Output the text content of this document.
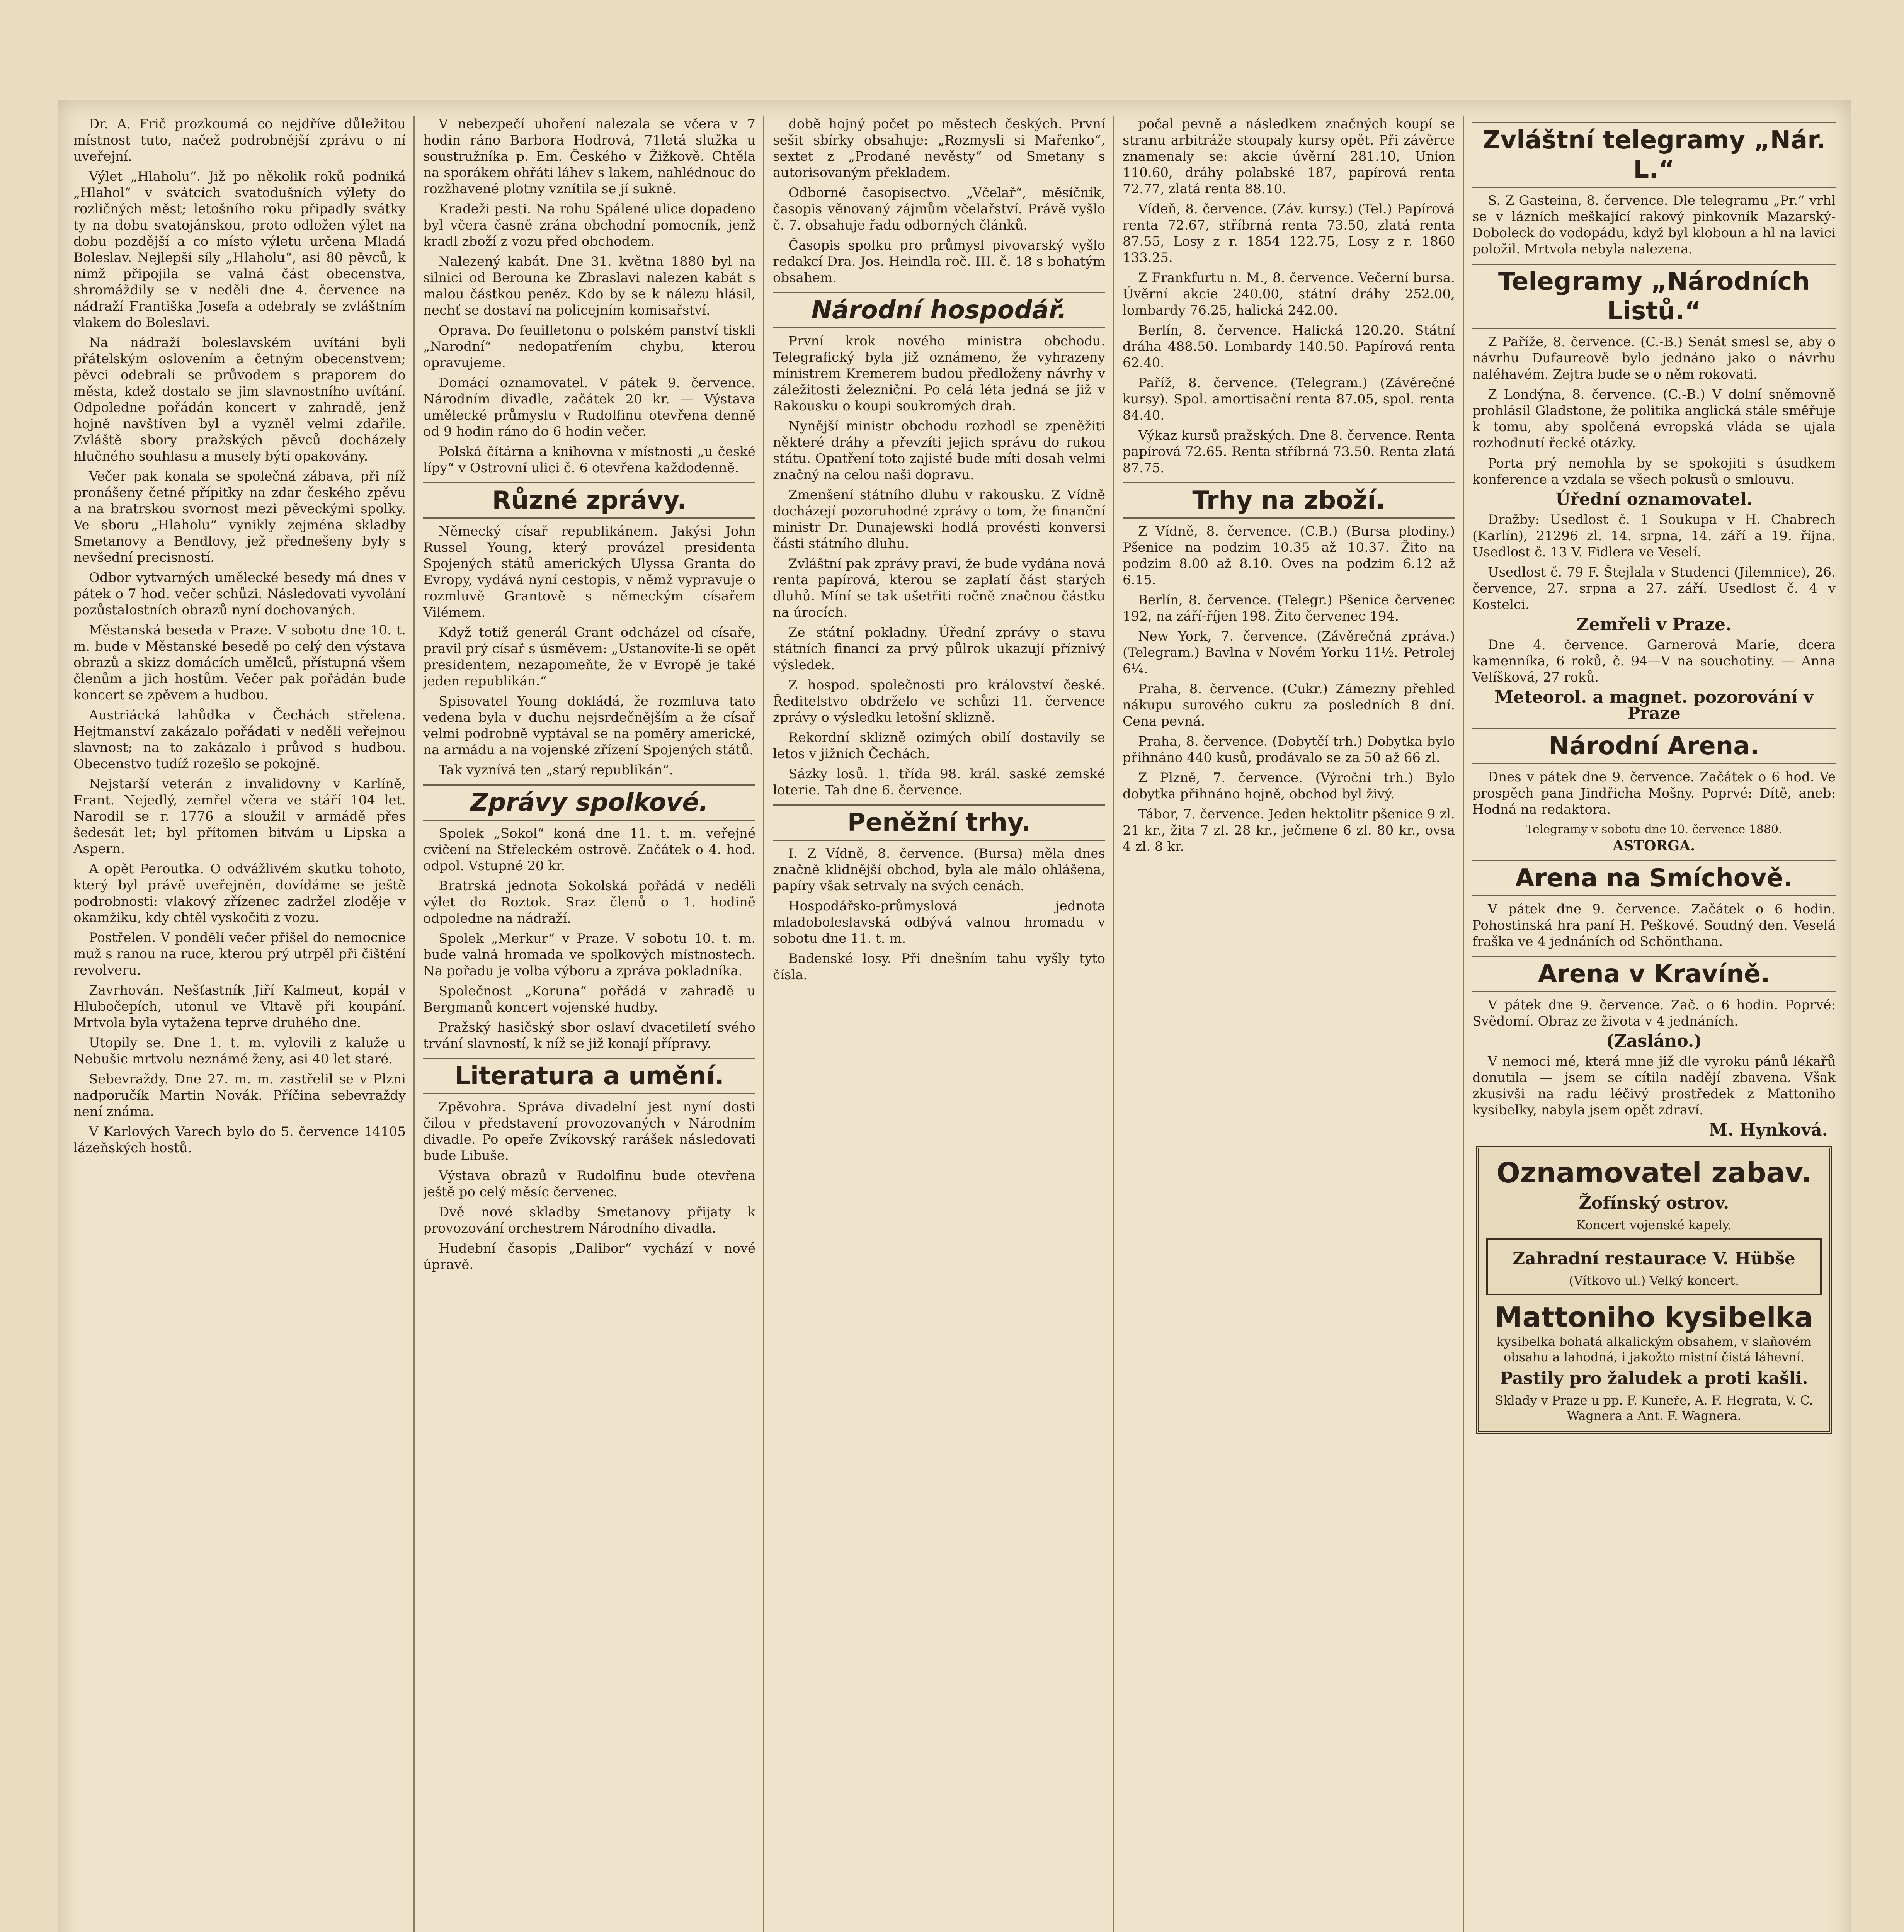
Dr. A. Frič prozkoumá co nejdříve důležitou místnost tuto, načež podrobnější zprávu o ní uveřejní.

Výlet „Hlaholu“. Již po několik roků podniká „Hlahol“ v svátcích svatodušních výlety do rozličných měst; letošního roku připadly svátky ty na dobu svatojánskou, proto odložen výlet na dobu pozdější a co místo výletu určena Mladá Boleslav. Nejlepší síly „Hlaholu“, asi 80 pěvců, k nimž připojila se valná část obecenstva, shromáždily se v neděli dne 4. července na nádraží Františka Josefa a odebraly se zvláštním vlakem do Boleslavi.

Na nádraží boleslavském uvítáni byli přátelským oslovením a četným obecenstvem; pěvci odebrali se průvodem s praporem do města, kdež dostalo se jim slavnostního uvítání. Odpoledne pořádán koncert v zahradě, jenž hojně navštíven byl a vyzněl velmi zdařile. Zvláště sbory pražských pěvců docházely hlučného souhlasu a musely býti opakovány.

Večer pak konala se společná zábava, při níž pronášeny četné přípitky na zdar českého zpěvu a na bratrskou svornost mezi pěveckými spolky. Ve sboru „Hlaholu“ vynikly zejména skladby Smetanovy a Bendlovy, jež přednešeny byly s nevšední precisností.

Odbor vytvarných umělecké besedy má dnes v pátek o 7 hod. večer schůzi. Následovati vyvolání pozůstalostních obrazů nyní dochovaných.

Městanská beseda v Praze. V sobotu dne 10. t. m. bude v Městanské besedě po celý den výstava obrazů a skizz domácích umělců, přístupná všem členům a jich hostům. Večer pak pořádán bude koncert se zpěvem a hudbou.

Austriácká lahůdka v Čechách střelena. Hejtmanství zakázalo pořádati v neděli veřejnou slavnost; na to zakázalo i průvod s hudbou. Obecenstvo tudíž rozešlo se pokojně.

Nejstarší veterán z invalidovny v Karlíně, Frant. Nejedlý, zemřel včera ve stáří 104 let. Narodil se r. 1776 a sloužil v armádě přes šedesát let; byl přítomen bitvám u Lipska a Aspern.

A opět Peroutka. O odvážlivém skutku tohoto, který byl právě uveřejněn, dovídáme se ještě podrobnosti: vlakový zřízenec zadržel zloděje v okamžiku, kdy chtěl vyskočiti z vozu.

Postřelen. V pondělí večer přišel do nemocnice muž s ranou na ruce, kterou prý utrpěl při čištění revolveru.

Zavrhován. Nešťastník Jiří Kalmeut, kopál v Hlubočepích, utonul ve Vltavě při koupání. Mrtvola byla vytažena teprve druhého dne.

Utopily se. Dne 1. t. m. vylovili z kaluže u Nebušic mrtvolu neznámé ženy, asi 40 let staré.

Sebevraždy. Dne 27. m. m. zastřelil se v Plzni nadporučík Martin Novák. Příčina sebevraždy není známa.

V Karlových Varech bylo do 5. července 14105 lázeňských hostů.

V nebezpečí uhoření nalezala se včera v 7 hodin ráno Barbora Hodrová, 71letá služka u soustružníka p. Em. Českého v Žižkově. Chtěla na sporákem ohřáti láhev s lakem, nahlédnouc do rozžhavené plotny vznítila se jí sukně.

Kradeži pesti. Na rohu Spálené ulice dopadeno byl včera časně zrána obchodní pomocník, jenž kradl zboží z vozu před obchodem.

Nalezený kabát. Dne 31. května 1880 byl na silnici od Berouna ke Zbraslavi nalezen kabát s malou částkou peněz. Kdo by se k nálezu hlásil, nechť se dostaví na policejním komisařství.

Oprava. Do feuilletonu o polském panství tiskli „Narodní“ nedopatřením chybu, kterou opravujeme.

Domácí oznamovatel. V pátek 9. července. Národním divadle, začátek 20 kr. — Výstava umělecké průmyslu v Rudolfinu otevřena denně od 9 hodin ráno do 6 hodin večer.

Polská čítárna a knihovna v místnosti „u české lípy“ v Ostrovní ulici č. 6 otevřena každodenně.

Různé zprávy.

Německý císař republikánem. Jakýsi John Russel Young, který provázel presidenta Spojených států amerických Ulyssa Granta do Evropy, vydává nyní cestopis, v němž vypravuje o rozmluvě Grantově s německým císařem Vilémem.

Když totiž generál Grant odcházel od císaře, pravil prý císař s úsměvem: „Ustanovíte-li se opět presidentem, nezapomeňte, že v Evropě je také jeden republikán.“

Spisovatel Young dokládá, že rozmluva tato vedena byla v duchu nejsrdečnějším a že císař velmi podrobně vyptával se na poměry americké, na armádu a na vojenské zřízení Spojených států.

Tak vyznívá ten „starý republikán“.

Zprávy spolkové.

Spolek „Sokol“ koná dne 11. t. m. veřejné cvičení na Střeleckém ostrově. Začátek o 4. hod. odpol. Vstupné 20 kr.

Bratrská jednota Sokolská pořádá v neděli výlet do Roztok. Sraz členů o 1. hodině odpoledne na nádraží.

Spolek „Merkur“ v Praze. V sobotu 10. t. m. bude valná hromada ve spolkových místnostech. Na pořadu je volba výboru a zpráva pokladníka.

Společnost „Koruna“ pořádá v zahradě u Bergmanů koncert vojenské hudby.

Pražský hasičský sbor oslaví dvacetiletí svého trvání slavností, k níž se již konají přípravy.

Literatura a umění.

Zpěvohra. Správa divadelní jest nyní dosti čilou v představení provozovaných v Národním divadle. Po opeře Zvíkovský rarášek následovati bude Libuše.

Výstava obrazů v Rudolfinu bude otevřena ještě po celý měsíc červenec.

Dvě nové skladby Smetanovy přijaty k provozování orchestrem Národního divadla.

Hudební časopis „Dalibor“ vychází v nové úpravě.

době hojný počet po městech českých. První sešit sbírky obsahuje: „Rozmysli si Mařenko“, sextet z „Prodané nevěsty“ od Smetany s autorisovaným překladem.

Odborné časopisectvo. „Včelař“, měsíčník, časopis věnovaný zájmům včelařství. Právě vyšlo č. 7. obsahuje řadu odborných článků.

Časopis spolku pro průmysl pivovarský vyšlo redakcí Dra. Jos. Heindla roč. III. č. 18 s bohatým obsahem.

Národní hospodář.

První krok nového ministra obchodu. Telegrafický byla již oznámeno, že vyhrazeny ministrem Kremerem budou předloženy návrhy v záležitosti železniční. Po celá léta jedná se již v Rakousku o koupi soukromých drah.

Nynější ministr obchodu rozhodl se zpeněžiti některé dráhy a převzíti jejich správu do rukou státu. Opatření toto zajisté bude míti dosah velmi značný na celou naši dopravu.

Zmenšení státního dluhu v rakousku. Z Vídně docházejí pozoruhodné zprávy o tom, že finanční ministr Dr. Dunajewski hodlá provésti konversi části státního dluhu.

Zvláštní pak zprávy praví, že bude vydána nová renta papírová, kterou se zaplatí část starých dluhů. Míní se tak ušetřiti ročně značnou částku na úrocích.

Ze státní pokladny. Úřední zprávy o stavu státních financí za prvý půlrok ukazují příznivý výsledek.

Z hospod. společnosti pro království české. Ředitelstvo obdrželo ve schůzi 11. července zprávy o výsledku letošní sklizně.

Rekordní sklizně ozimých obilí dostavily se letos v jižních Čechách.

Sázky losů. 1. třída 98. král. saské zemské loterie. Tah dne 6. července.

Peněžní trhy.

I. Z Vídně, 8. července. (Bursa) měla dnes značně klidnější obchod, byla ale málo ohlášena, papíry však setrvaly na svých cenách.

Hospodářsko-průmyslová jednota mladoboleslavská odbývá valnou hromadu v sobotu dne 11. t. m.

Badenské losy. Při dnešním tahu vyšly tyto čísla.

počal pevně a následkem značných koupí se stranu arbitráže stoupaly kursy opět. Při závěrce znamenaly se: akcie úvěrní 281.10, Union 110.60, dráhy polabské 187, papírová renta 72.77, zlatá renta 88.10.

Vídeň, 8. července. (Záv. kursy.) (Tel.) Papírová renta 72.67, stříbrná renta 73.50, zlatá renta 87.55, Losy z r. 1854 122.75, Losy z r. 1860 133.25.

Z Frankfurtu n. M., 8. července. Večerní bursa. Úvěrní akcie 240.00, státní dráhy 252.00, lombardy 76.25, halická 242.00.

Berlín, 8. července. Halická 120.20. Státní dráha 488.50. Lombardy 140.50. Papírová renta 62.40.

Paříž, 8. července. (Telegram.) (Závěrečné kursy). Spol. amortisační renta 87.05, spol. renta 84.40.

Výkaz kursů pražských. Dne 8. července. Renta papírová 72.65. Renta stříbrná 73.50. Renta zlatá 87.75.

Trhy na zboží.

Z Vídně, 8. července. (C.B.) (Bursa plodiny.) Pšenice na podzim 10.35 až 10.37. Žito na podzim 8.00 až 8.10. Oves na podzim 6.12 až 6.15.

Berlín, 8. července. (Telegr.) Pšenice červenec 192, na září-říjen 198. Žito červenec 194.

New York, 7. července. (Závěrečná zpráva.) (Telegram.) Bavlna v Novém Yorku 11¹⁄₂. Petrolej 6¹⁄₄.

Praha, 8. července. (Cukr.) Zámezny přehled nákupu surového cukru za posledních 8 dní. Cena pevná.

Praha, 8. července. (Dobytčí trh.) Dobytka bylo přihnáno 440 kusů, prodávalo se za 50 až 66 zl.

Z Plzně, 7. července. (Výroční trh.) Bylo dobytka přihnáno hojně, obchod byl živý.

Tábor, 7. července. Jeden hektolitr pšenice 9 zl. 21 kr., žita 7 zl. 28 kr., ječmene 6 zl. 80 kr., ovsa 4 zl. 8 kr.

Zvláštní telegramy „Nár. L.“

S. Z Gasteina, 8. července. Dle telegramu „Pr.“ vrhl se v lázních meškající rakový pinkovník Mazarský-Doboleck do vodopádu, když byl kloboun a hl na lavici položil. Mrtvola nebyla nalezena.

Telegramy „Národních Listů.“

Z Paříže, 8. července. (C.-B.) Senát smesl se, aby o návrhu Dufaureově bylo jednáno jako o návrhu naléhavém. Zejtra bude se o něm rokovati.

Z Londýna, 8. července. (C.-B.) V dolní sněmovně prohlásil Gladstone, že politika anglická stále směřuje k tomu, aby spolčená evropská vláda se ujala rozhodnutí řecké otázky.

Porta prý nemohla by se spokojiti s úsudkem konference a vzdala se všech pokusů o smlouvu.

Úřední oznamovatel.

Dražby: Usedlost č. 1 Soukupa v H. Chabrech (Karlín), 21296 zl. 14. srpna, 14. září a 19. října. Usedlost č. 13 V. Fidlera ve Veselí.

Usedlost č. 79 F. Štejlala v Studenci (Jilemnice), 26. července, 27. srpna a 27. září. Usedlost č. 4 v Kostelci.

Zemřeli v Praze.

Dne 4. července. Garnerová Marie, dcera kamenníka, 6 roků, č. 94—V na souchotiny. — Anna Velíšková, 27 roků.

Meteorol. a magnet. pozorování v Praze
Národní Arena.

Dnes v pátek dne 9. července. Začátek o 6 hod. Ve prospěch pana Jindřicha Mošny. Poprvé: Dítě, aneb: Hodná na redaktora.

Telegramy v sobotu dne 10. července 1880.
ASTORGA.
Arena na Smíchově.

V pátek dne 9. července. Začátek o 6 hodin. Pohostinská hra paní H. Peškové. Soudný den. Veselá fraška ve 4 jednáních od Schönthana.

Arena v Kravíně.

V pátek dne 9. července. Zač. o 6 hodin. Poprvé: Svědomí. Obraz ze života v 4 jednáních.

(Zasláno.)

V nemoci mé, která mne již dle vyroku pánů lékařů donutila — jsem se cítila nadějí zbavena. Však zkusivši na radu léčivý prostředek z Mattoniho kysibelky, nabyla jsem opět zdraví.

M. Hynková.
Oznamovatel zabav.
Žofínský ostrov.
Koncert vojenské kapely.
Zahradní restaurace V. Hübše
(Vítkovo ul.) Velký koncert.
Mattoniho kysibelka
kysibelka bohatá alkalickým obsahem, v slaňovém obsahu a lahodná, i jakožto mistní čistá láhevní.
Pastily pro žaludek a proti kašli.
Sklady v Praze u pp. F. Kuneře, A. F. Hegrata, V. C. Wagnera a Ant. F. Wagnera.
